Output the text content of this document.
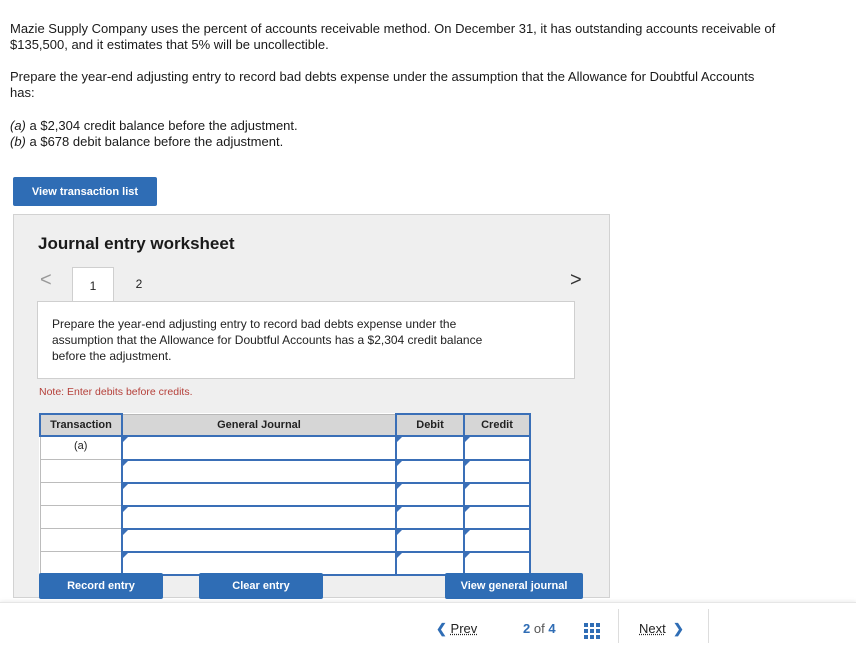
Mazie Supply Company uses the percent of accounts receivable method. On December 31, it has outstanding accounts receivable of
$135,500, and it estimates that 5% will be uncollectible.
Prepare the year-end adjusting entry to record bad debts expense under the assumption that the Allowance for Doubtful Accounts
has:
(a) a $2,304 credit balance before the adjustment.
(b) a $678 debit balance before the adjustment.
View transaction list
Journal entry worksheet
<	1	2	>
Prepare the year-end adjusting entry to record bad debts expense under the assumption that the Allowance for Doubtful Accounts has a $2,304 credit balance before the adjustment.
Note: Enter debits before credits.
Transaction	General Journal	Debit	Credit
(a)	

Record entry	Clear entry	View general journal
❮ Prev	2 of 4	Next  ❯
